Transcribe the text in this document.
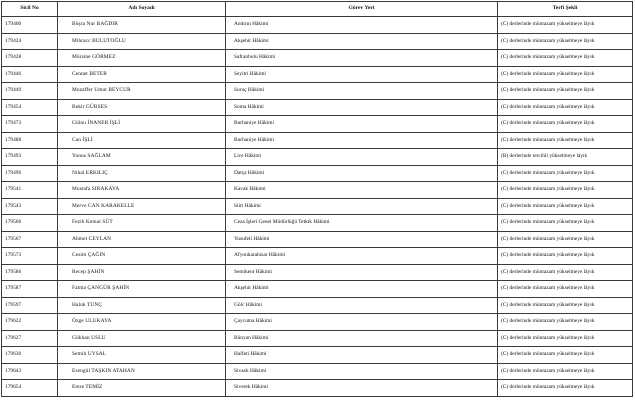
Sicil No	Adı Soyadı	Görev Yeri	Terfi Şekli
179400	Büşra Nur BAĞDIR	Andırın Hâkimi	(C) derlerinde müntazam yükselmeye lâyık
179424	Mihracc BULUTOĞLU	Akşehir Hâkimi	(C) derlerinde müntazam yükselmeye lâyık
179428	Mürsine GÖRMEZ	Safranbolu Hâkimi	(C) derlerinde müntazam yükselmeye lâyık
179446	Cennet BETER	Seyitri Hâkimi	(C) derlerinde müntazam yükselmeye lâyık
179449	Muzaffer Umut BEYCUR	Suruç Hâkimi	(C) derlerinde müntazam yükselmeye lâyık
179454	Bekir GÜRSES	Soma Hâkimi	(C) derlerinde müntazam yükselmeye lâyık
179473	Gülnu İNANER İŞLİ	Burhaniye Hâkimi	(C) derlerinde müntazam yükselmeye lâyık
179488	Can İŞLİ	Burhaniye Hâkimi	(C) derlerinde müntazam yükselmeye lâyık
179493	Yunus SAĞLAM	Lice Hâkimi	(B) derlerinde tercihli yükselmeye lâyık
179496	Nihal ERKILIÇ	Datça Hâkimi	(C) derlerinde müntazam yükselmeye lâyık
179541	Mustafa SIRAKAYA	Kavak Hâkimi	(C) derlerinde müntazam yükselmeye lâyık
179543	Merve CAN KARAKELLE	Siirt Hâkimi	(C) derlerinde müntazam yükselmeye lâyık
179566	Fezih Kemal SÜT	Ceza İşleri Genel Müdürlüğü Tetkik Hâkimi	(C) derlerinde müntazam yükselmeye lâyık
179567	Ahmet CEYLAN	Yusufeli Hâkimi	(C) derlerinde müntazam yükselmeye lâyık
179573	Cesim ÇAĞIN	Afyonkarahisar Hâkimi	(C) derlerinde müntazam yükselmeye lâyık
179586	Recep ŞAHİN	Semikent Hâkimi	(C) derlerinde müntazam yükselmeye lâyık
179587	Fatma ÇANGÜR ŞAHİN	Akşehir Hâkimi	(C) derlerinde müntazam yükselmeye lâyık
179597	Haluk TUNÇ	Gölc Hâkimi	(C) derlerinde müntazam yükselmeye lâyık
179622	Özge ULUKAYA	Çaycuma Hâkimi	(C) derlerinde müntazam yükselmeye lâyık
179627	Gökhan USLU	Bünyan Hâkimi	(C) derlerinde müntazam yükselmeye lâyık
179630	Semih UYSAL	Halfeti Hâkimi	(C) derlerinde müntazam yükselmeye lâyık
179643	Esengül TAŞKIN ATAHAN	Sivaslı Hâkimi	(C) derlerinde müntazam yükselmeye lâyık
179654	Emre TEMİZ	Siverek Hâkimi	(C) derlerinde müntazam yükselmeye lâyık
